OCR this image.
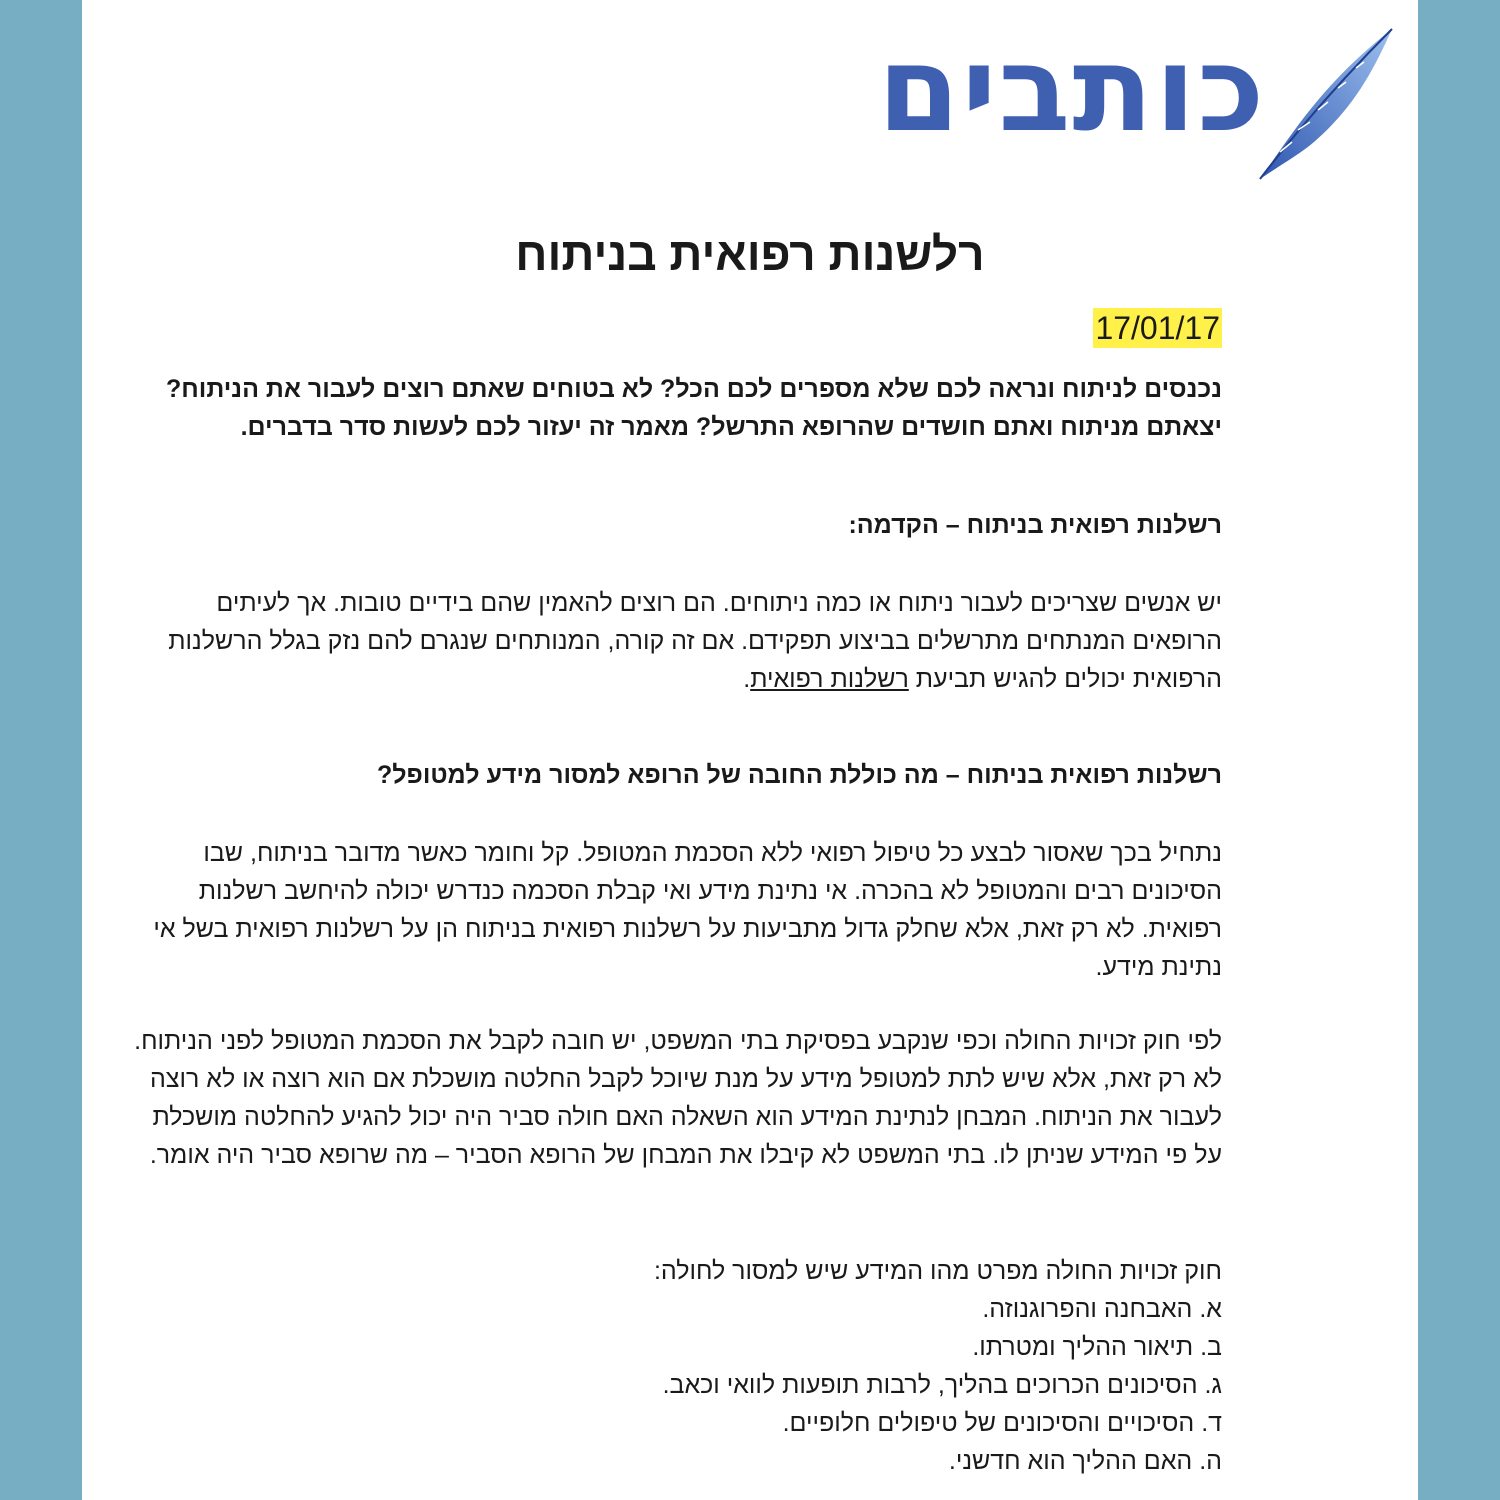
כותבים
רלשנות רפואית בניתוח
17/01/17

נכנסים לניתוח ונראה לכם שלא מספרים לכם הכל? לא בטוחים שאתם רוצים לעבור את הניתוח? יצאתם מניתוח ואתם חושדים שהרופא התרשל? מאמר זה יעזור לכם לעשות סדר בדברים.

רשלנות רפואית בניתוח – הקדמה:

יש אנשים שצריכים לעבור ניתוח או כמה ניתוחים. הם רוצים להאמין שהם בידיים טובות. אך לעיתים הרופאים המנתחים מתרשלים בביצוע תפקידם. אם זה קורה, המנותחים שנגרם להם נזק בגלל הרשלנות הרפואית יכולים להגיש תביעת רשלנות רפואית.

רשלנות רפואית בניתוח – מה כוללת החובה של הרופא למסור מידע למטופל?

נתחיל בכך שאסור לבצע כל טיפול רפואי ללא הסכמת המטופל. קל וחומר כאשר מדובר בניתוח, שבו הסיכונים רבים והמטופל לא בהכרה. אי נתינת מידע ואי קבלת הסכמה כנדרש יכולה להיחשב רשלנות רפואית. לא רק זאת, אלא שחלק גדול מתביעות על רשלנות רפואית בניתוח הן על רשלנות רפואית בשל אי נתינת מידע.

לפי חוק זכויות החולה וכפי שנקבע בפסיקת בתי המשפט, יש חובה לקבל את הסכמת המטופל לפני הניתוח. לא רק זאת, אלא שיש לתת למטופל מידע על מנת שיוכל לקבל החלטה מושכלת אם הוא רוצה או לא רוצה לעבור את הניתוח. המבחן לנתינת המידע הוא השאלה האם חולה סביר היה יכול להגיע להחלטה מושכלת על פי המידע שניתן לו. בתי המשפט לא קיבלו את המבחן של הרופא הסביר – מה שרופא סביר היה אומר.

חוק זכויות החולה מפרט מהו המידע שיש למסור לחולה:

א. האבחנה והפרוגנוזה.
ב. תיאור ההליך ומטרתו.
ג. הסיכונים הכרוכים בהליך, לרבות תופעות לוואי וכאב.
ד. הסיכויים והסיכונים של טיפולים חלופיים.
ה. האם ההליך הוא חדשני.
